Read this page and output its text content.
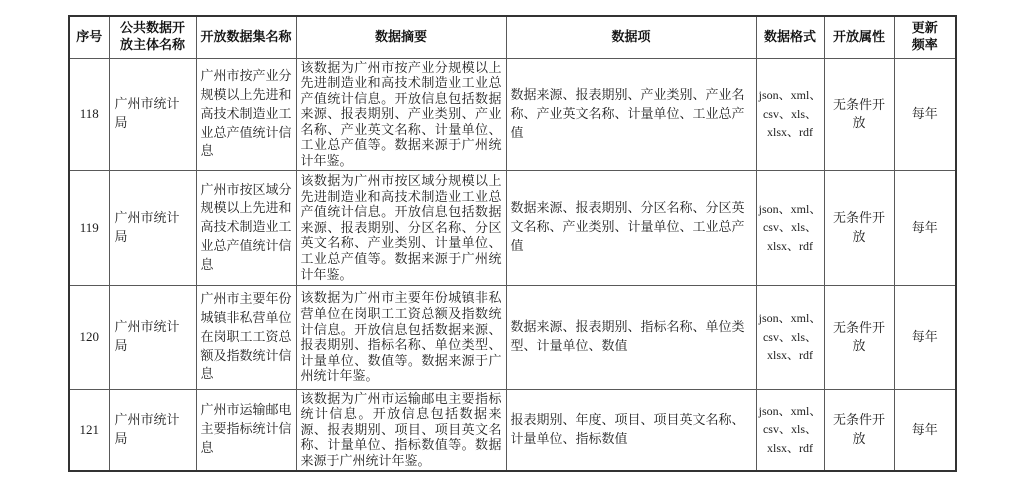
序号	公共数据开放主体名称	开放数据集名称	数据摘要	数据项	数据格式	开放属性	更新频率
118	广州市统计局	广州市按产业分规模以上先进和高技术制造业工业总产值统计信息	该数据为广州市按产业分规模以上先进制造业和高技术制造业工业总产值统计信息。开放信息包括数据来源、报表期别、产业类别、产业名称、产业英文名称、计量单位、工业总产值等。数据来源于广州统计年鉴。	数据来源、报表期别、产业类别、产业名称、产业英文名称、计量单位、工业总产值	json、xml、csv、xls、xlsx、rdf	无条件开放	每年
119	广州市统计局	广州市按区域分规模以上先进和高技术制造业工业总产值统计信息	该数据为广州市按区域分规模以上先进制造业和高技术制造业工业总产值统计信息。开放信息包括数据来源、报表期别、分区名称、分区英文名称、产业类别、计量单位、工业总产值等。数据来源于广州统计年鉴。	数据来源、报表期别、分区名称、分区英文名称、产业类别、计量单位、工业总产值	json、xml、csv、xls、xlsx、rdf	无条件开放	每年
120	广州市统计局	广州市主要年份城镇非私营单位在岗职工工资总额及指数统计信息	该数据为广州市主要年份城镇非私营单位在岗职工工资总额及指数统计信息。开放信息包括数据来源、报表期别、指标名称、单位类型、计量单位、数值等。数据来源于广州统计年鉴。	数据来源、报表期别、指标名称、单位类型、计量单位、数值	json、xml、csv、xls、xlsx、rdf	无条件开放	每年
121	广州市统计局	广州市运输邮电主要指标统计信息	该数据为广州市运输邮电主要指标统计信息。开放信息包括数据来源、报表期别、项目、项目英文名称、计量单位、指标数值等。数据来源于广州统计年鉴。	报表期别、年度、项目、项目英文名称、计量单位、指标数值	json、xml、csv、xls、xlsx、rdf	无条件开放	每年
